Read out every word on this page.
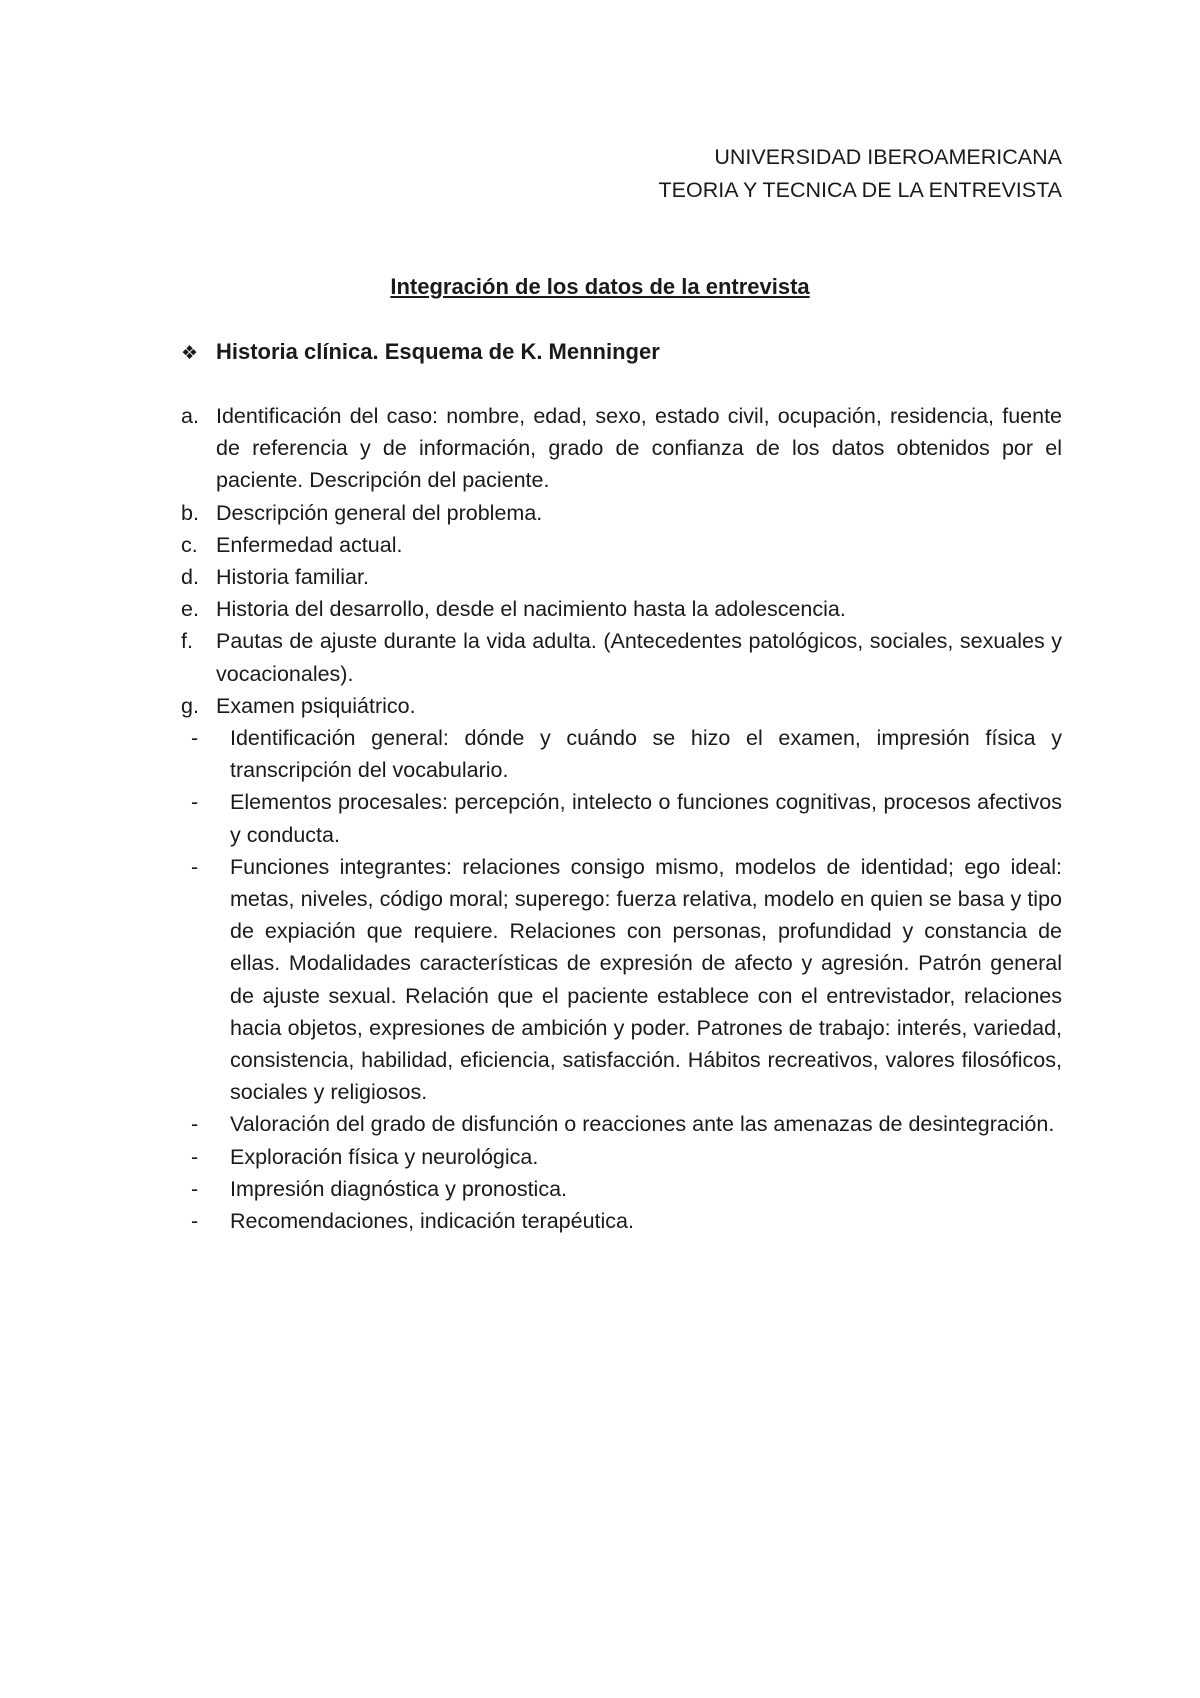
UNIVERSIDAD IBEROAMERICANA
TEORIA Y TECNICA DE LA ENTREVISTA
Integración de los datos de la entrevista
❖ Historia clínica. Esquema de K. Menninger
a. Identificación del caso: nombre, edad, sexo, estado civil, ocupación, residencia, fuente de referencia y de información, grado de confianza de los datos obtenidos por el paciente. Descripción del paciente.
b. Descripción general del problema.
c. Enfermedad actual.
d. Historia familiar.
e. Historia del desarrollo, desde el nacimiento hasta la adolescencia.
f. Pautas de ajuste durante la vida adulta. (Antecedentes patológicos, sociales, sexuales y vocacionales).
g. Examen psiquiátrico.
- Identificación general: dónde y cuándo se hizo el examen, impresión física y transcripción del vocabulario.
- Elementos procesales: percepción, intelecto o funciones cognitivas, procesos afectivos y conducta.
- Funciones integrantes: relaciones consigo mismo, modelos de identidad; ego ideal: metas, niveles, código moral; superego: fuerza relativa, modelo en quien se basa y tipo de expiación que requiere. Relaciones con personas, profundidad y constancia de ellas. Modalidades características de expresión de afecto y agresión. Patrón general de ajuste sexual. Relación que el paciente establece con el entrevistador, relaciones hacia objetos, expresiones de ambición y poder. Patrones de trabajo: interés, variedad, consistencia, habilidad, eficiencia, satisfacción. Hábitos recreativos, valores filosóficos, sociales y religiosos.
- Valoración del grado de disfunción o reacciones ante las amenazas de desintegración.
- Exploración física y neurológica.
- Impresión diagnóstica y pronostica.
- Recomendaciones, indicación terapéutica.
